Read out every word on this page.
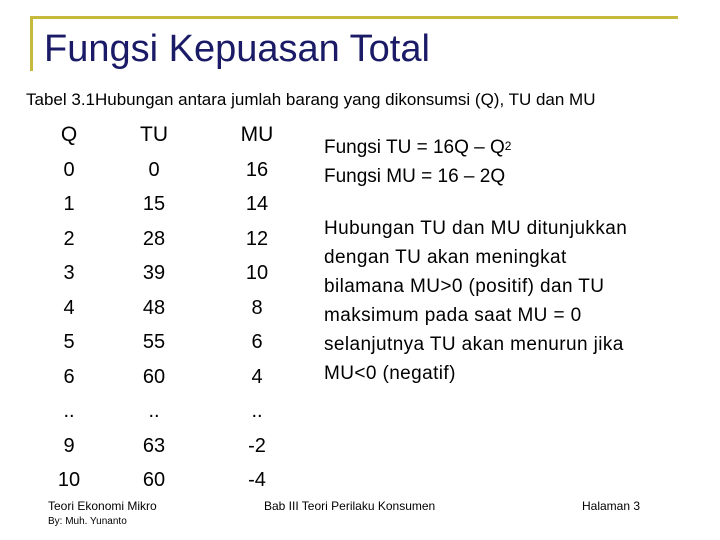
Fungsi Kepuasan Total
Tabel 3.1Hubungan antara jumlah barang yang dikonsumsi (Q), TU dan MU
Q	TU	MU
0	0	16
1	15	14
2	28	12
3	39	10
4	48	8
5	55	6
6	60	4
..	..	..
9	63	-2
10	60	-4
Fungsi TU = $16Q - Q^2$
Fungsi MU = 16 – 2Q
Hubungan TU dan MU ditunjukkan
dengan TU akan meningkat
bilamana MU>0 (positif) dan TU
maksimum pada saat MU = 0
selanjutnya TU akan menurun jika
MU<0 (negatif)
Teori Ekonomi Mikro
By: Muh. Yunanto
Bab III Teori Perilaku Konsumen	Halaman 3
